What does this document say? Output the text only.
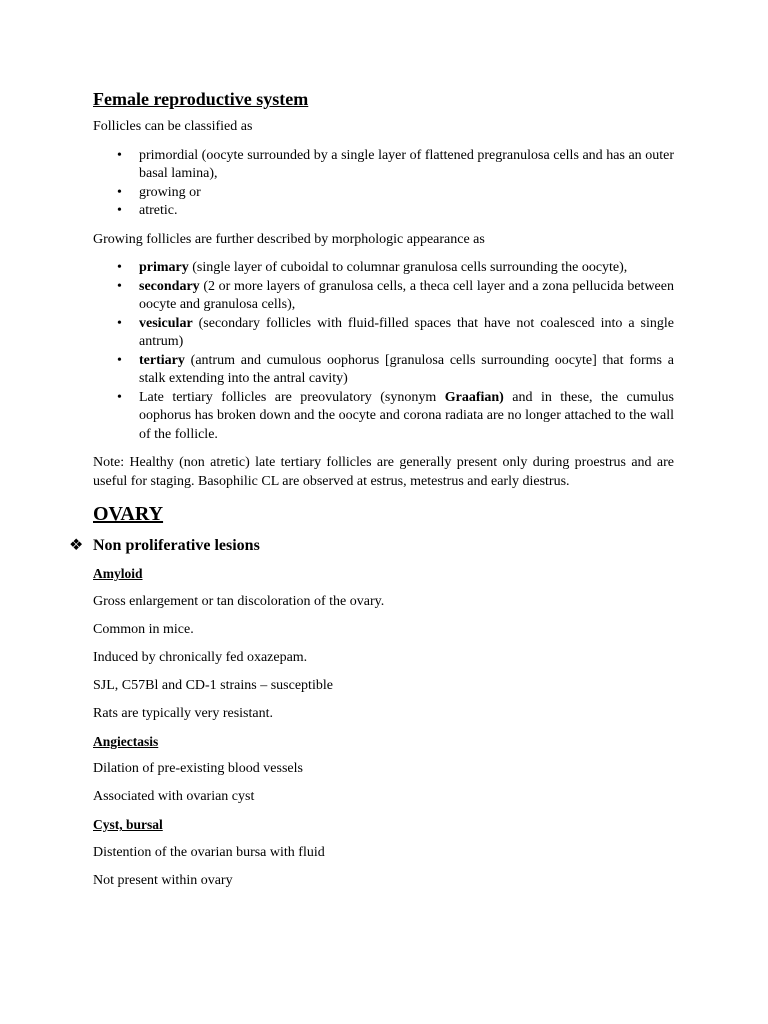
Female reproductive system

Follicles can be classified as

• primordial (oocyte surrounded by a single layer of flattened pregranulosa cells and has an outer basal lamina),
• growing or
• atretic.

Growing follicles are further described by morphologic appearance as

• primary (single layer of cuboidal to columnar granulosa cells surrounding the oocyte),
• secondary (2 or more layers of granulosa cells, a theca cell layer and a zona pellucida between oocyte and granulosa cells),
• vesicular (secondary follicles with fluid-filled spaces that have not coalesced into a single antrum)
• tertiary (antrum and cumulous oophorus [granulosa cells surrounding oocyte] that forms a stalk extending into the antral cavity)
• Late tertiary follicles are preovulatory (synonym Graafian) and in these, the cumulus oophorus has broken down and the oocyte and corona radiata are no longer attached to the wall of the follicle.

Note: Healthy (non atretic) late tertiary follicles are generally present only during proestrus and are useful for staging. Basophilic CL are observed at estrus, metestrus and early diestrus.

OVARY
❖ Non proliferative lesions
Amyloid

Gross enlargement or tan discoloration of the ovary.

Common in mice.

Induced by chronically fed oxazepam.

SJL, C57Bl and CD-1 strains – susceptible

Rats are typically very resistant.

Angiectasis

Dilation of pre-existing blood vessels

Associated with ovarian cyst

Cyst, bursal

Distention of the ovarian bursa with fluid

Not present within ovary
